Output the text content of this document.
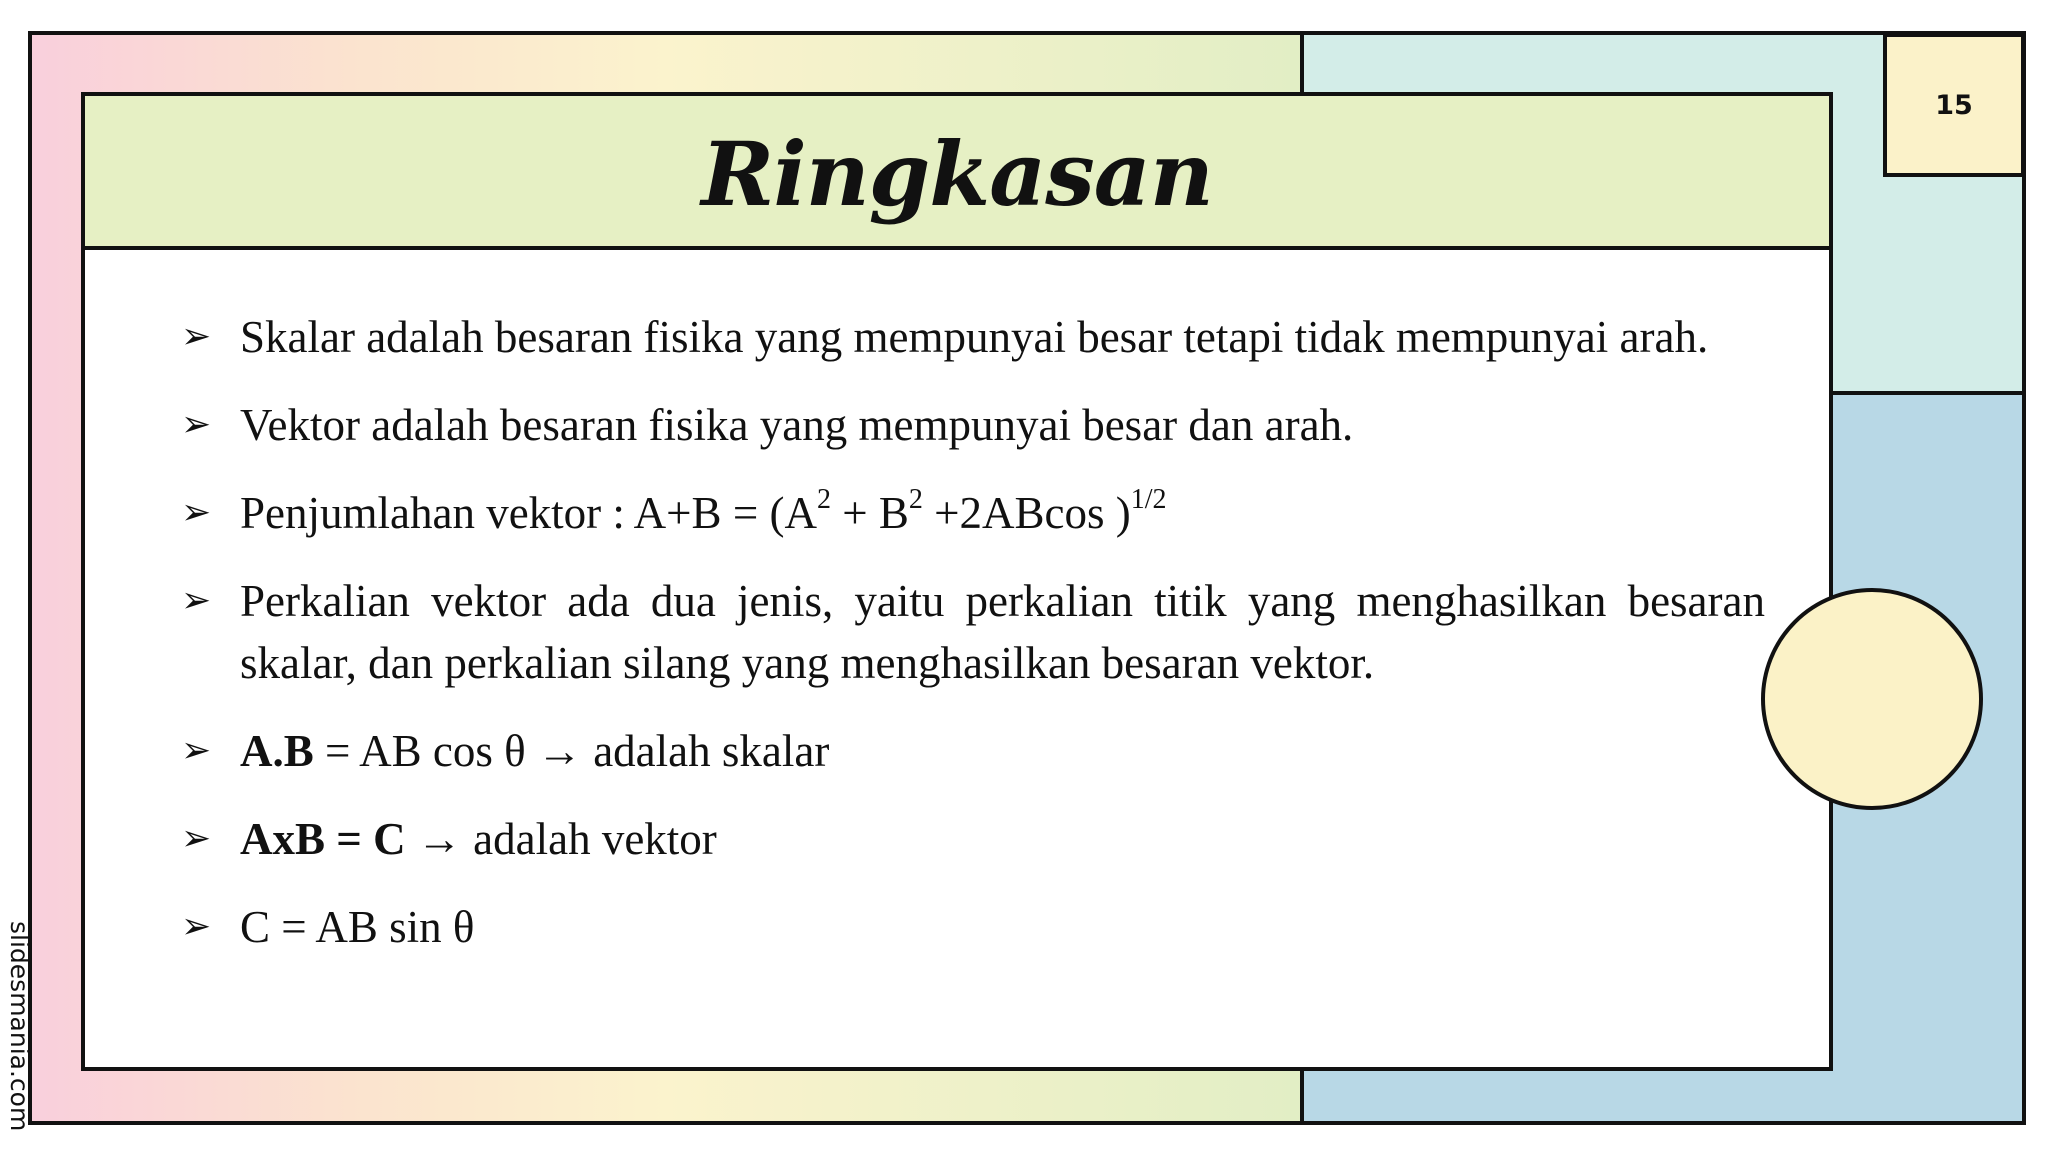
15
Ringkasan
➢ Skalar adalah besaran fisika yang mempunyai besar tetapi tidak mempunyai arah.
➢ Vektor adalah besaran fisika yang mempunyai besar dan arah.
➢ Penjumlahan vektor : $A+B = (A^2 + B^2 +2ABcos$ )$^{1/2}$
➢ Perkalian vektor ada dua jenis, yaitu perkalian titik yang menghasilkan besaran skalar, dan perkalian silang yang menghasilkan besaran vektor.
➢ A.B = AB cos θ → adalah skalar
➢ AxB = C → adalah vektor
➢ C = AB sin θ
slidesmania.com
